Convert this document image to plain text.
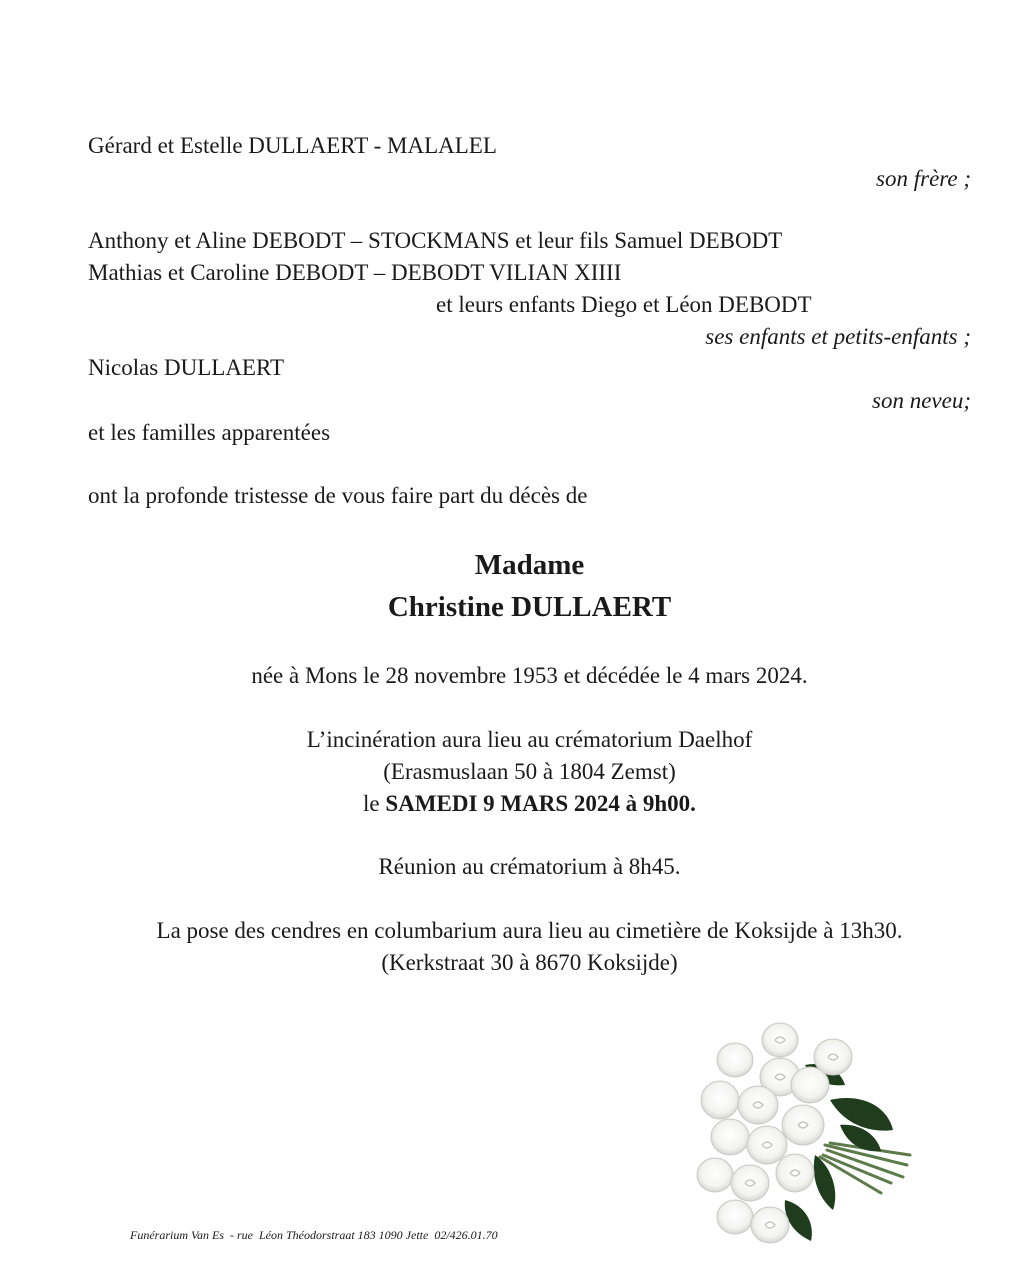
Gérard et Estelle DULLAERT - MALALEL
son frère ;
Anthony et Aline DEBODT – STOCKMANS et leur fils Samuel DEBODT
Mathias et Caroline DEBODT – DEBODT VILIAN XIIII
et leurs enfants Diego et Léon DEBODT
ses enfants et petits-enfants ;
Nicolas DULLAERT
son neveu;
et les familles apparentées
ont la profonde tristesse de vous faire part du décès de
Madame
Christine DULLAERT
née à Mons le 28 novembre 1953 et décédée le 4 mars 2024.
L’incinération aura lieu au crématorium Daelhof
(Erasmuslaan 50 à 1804 Zemst)
le SAMEDI 9 MARS 2024 à 9h00.
Réunion au crématorium à 8h45.
La pose des cendres en columbarium aura lieu au cimetière de Koksijde à 13h30.
(Kerkstraat 30 à 8670 Koksijde)
Funérarium Van Es  - rue  Léon Théodorstraat 183 1090 Jette  02/426.01.70
